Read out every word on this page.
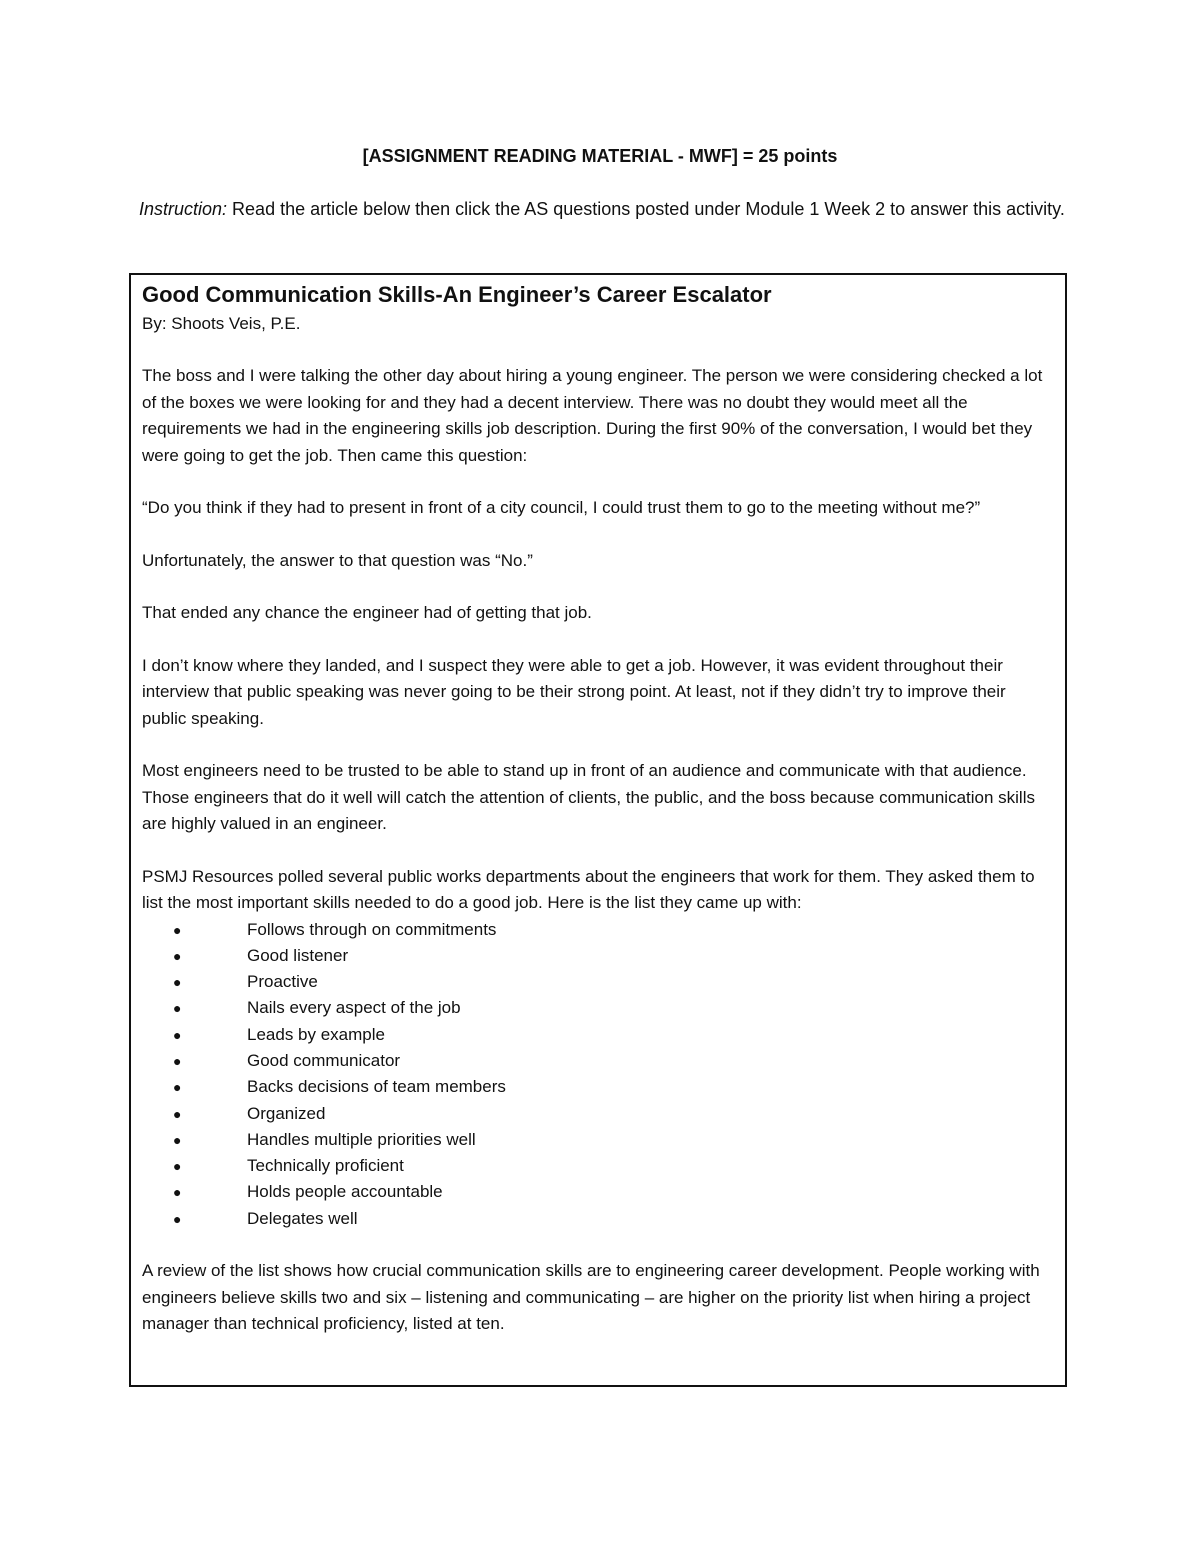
[ASSIGNMENT READING MATERIAL - MWF] = 25 points
Instruction: Read the article below then click the AS questions posted under Module 1 Week 2 to answer this activity.
Good Communication Skills-An Engineer’s Career Escalator

By: Shoots Veis, P.E.

The boss and I were talking the other day about hiring a young engineer. The person we were considering checked a lot of the boxes we were looking for and they had a decent interview. There was no doubt they would meet all the requirements we had in the engineering skills job description. During the first 90% of the conversation, I would bet they were going to get the job. Then came this question:

“Do you think if they had to present in front of a city council, I could trust them to go to the meeting without me?”

Unfortunately, the answer to that question was “No.”

That ended any chance the engineer had of getting that job.

I don’t know where they landed, and I suspect they were able to get a job. However, it was evident throughout their interview that public speaking was never going to be their strong point. At least, not if they didn’t try to improve their public speaking.

Most engineers need to be trusted to be able to stand up in front of an audience and communicate with that audience. Those engineers that do it well will catch the attention of clients, the public, and the boss because communication skills are highly valued in an engineer.

PSMJ Resources polled several public works departments about the engineers that work for them. They asked them to list the most important skills needed to do a good job. Here is the list they came up with:

●	Follows through on commitments
●	Good listener
●	Proactive
●	Nails every aspect of the job
●	Leads by example
●	Good communicator
●	Backs decisions of team members
●	Organized
●	Handles multiple priorities well
●	Technically proficient
●	Holds people accountable
●	Delegates well

A review of the list shows how crucial communication skills are to engineering career development. People working with engineers believe skills two and six – listening and communicating – are higher on the priority list when hiring a project manager than technical proficiency, listed at ten.
